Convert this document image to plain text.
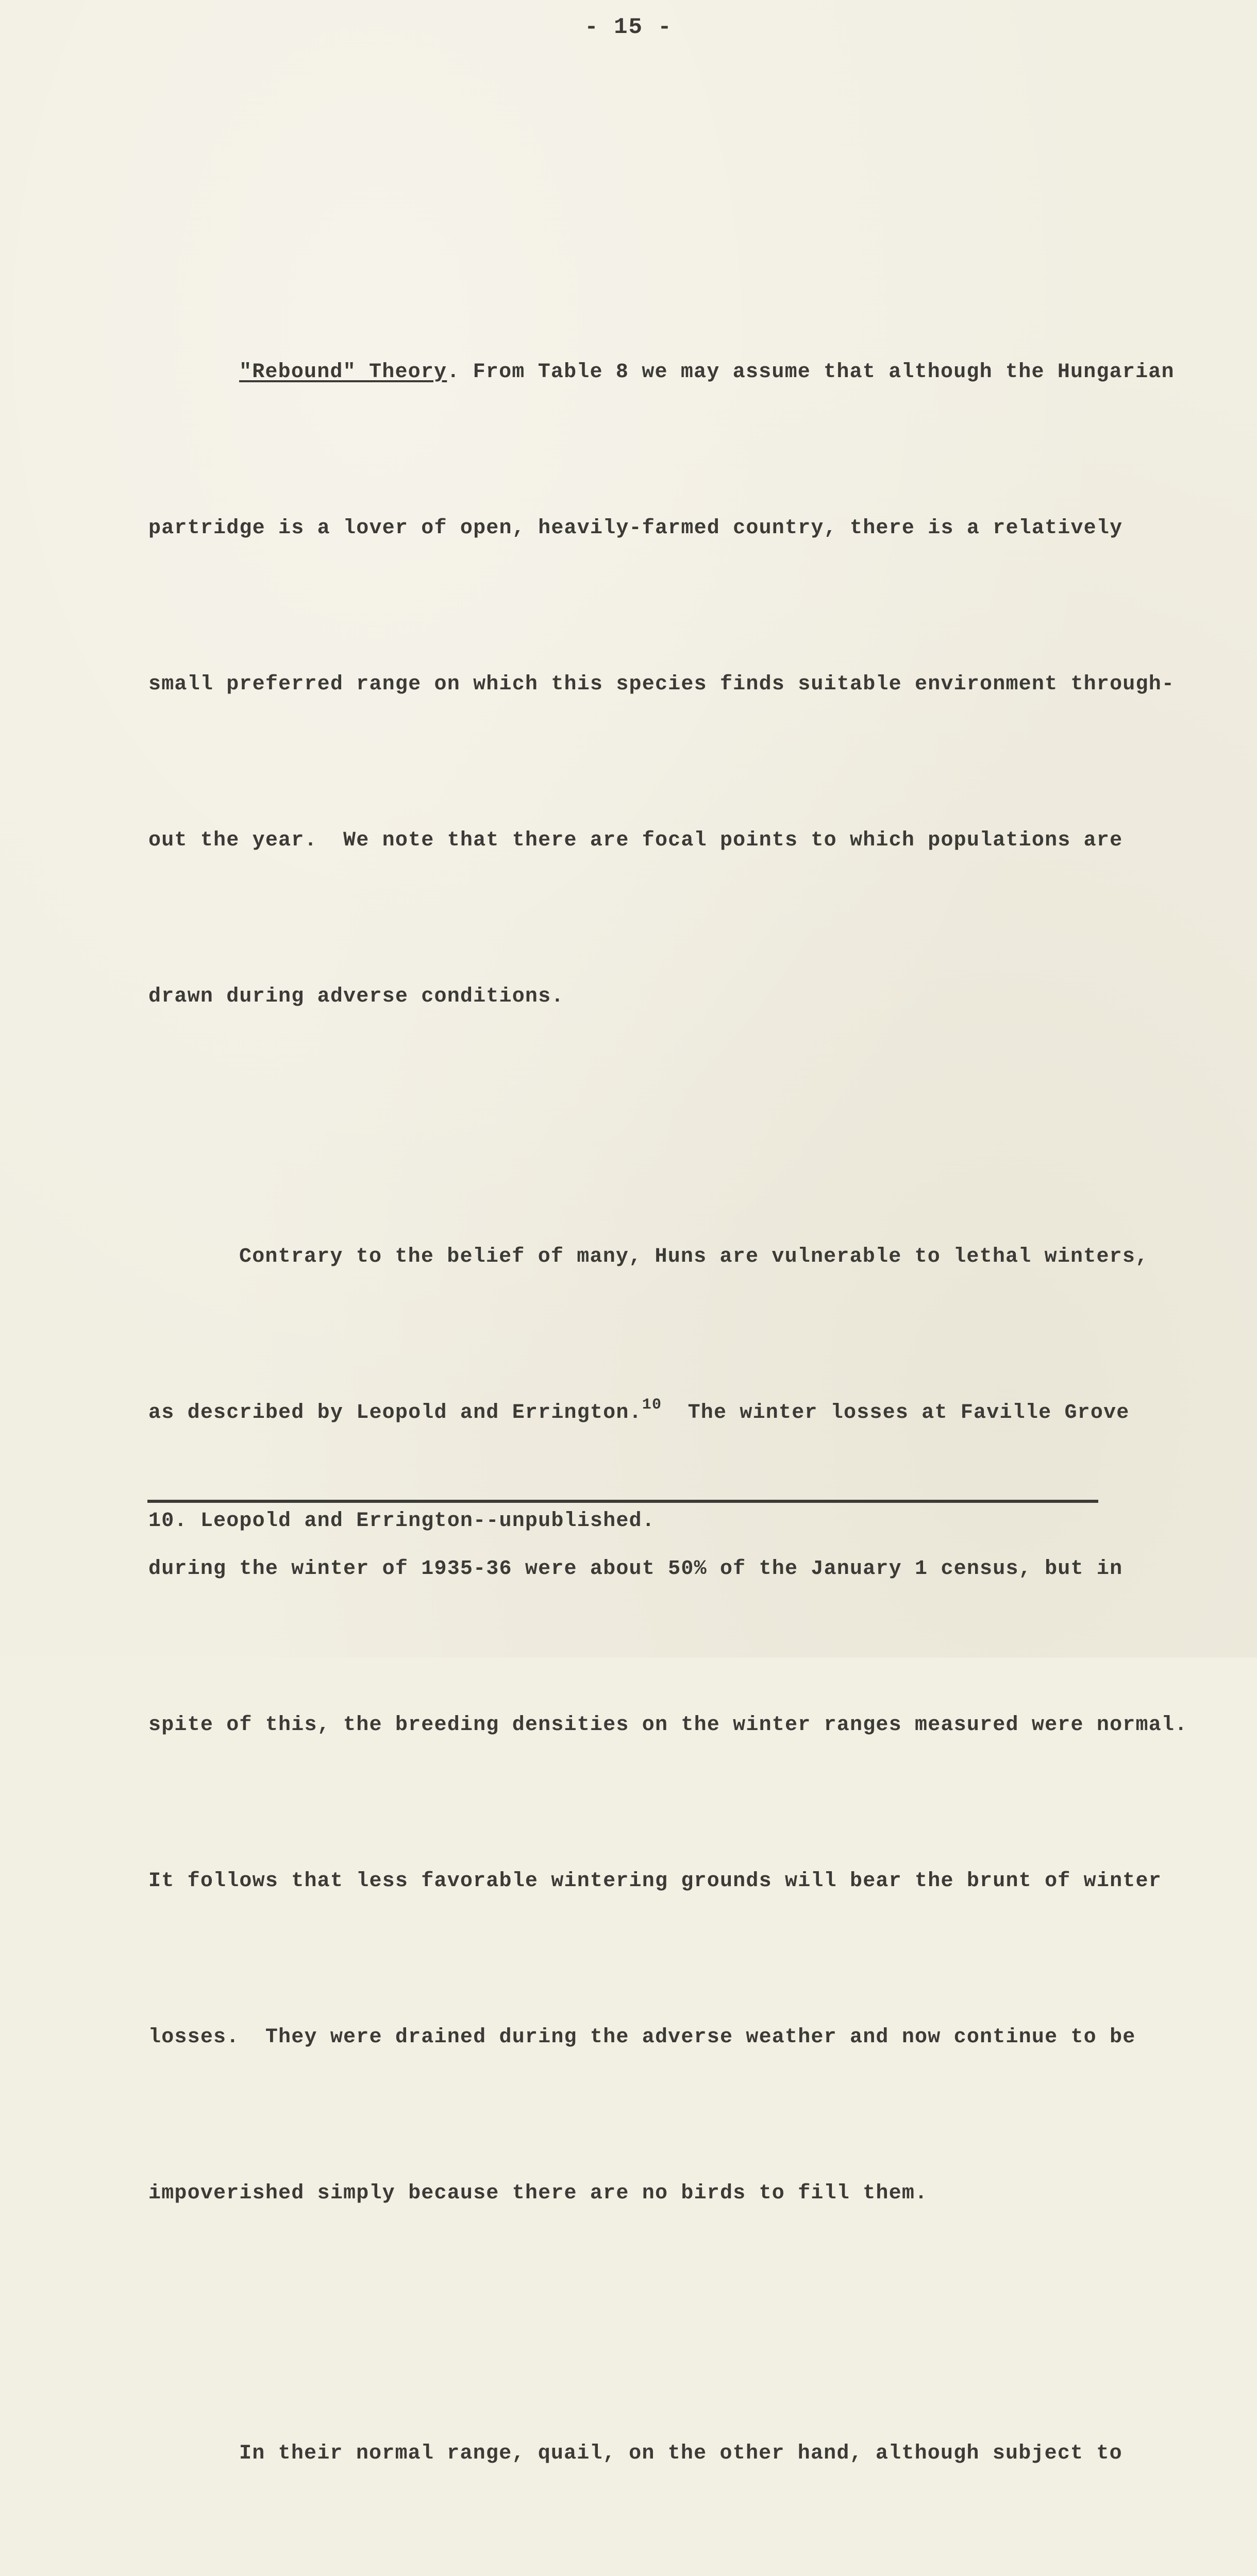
- 15 -

"Rebound" Theory. From Table 8 we may assume that although the Hungarian

partridge is a lover of open, heavily-farmed country, there is a relatively

small preferred range on which this species finds suitable environment through-

out the year.  We note that there are focal points to which populations are

drawn during adverse conditions.

Contrary to the belief of many, Huns are vulnerable to lethal winters,

as described by Leopold and Errington.$^{10}$  The winter losses at Faville Grove

during the winter of 1935-36 were about 50% of the January 1 census, but in

spite of this, the breeding densities on the winter ranges measured were normal.

It follows that less favorable wintering grounds will bear the brunt of winter

losses.  They were drained during the adverse weather and now continue to be

impoverished simply because there are no birds to fill them.

In their normal range, quail, on the other hand, although subject to

10. Leopold and Errington--unpublished.
